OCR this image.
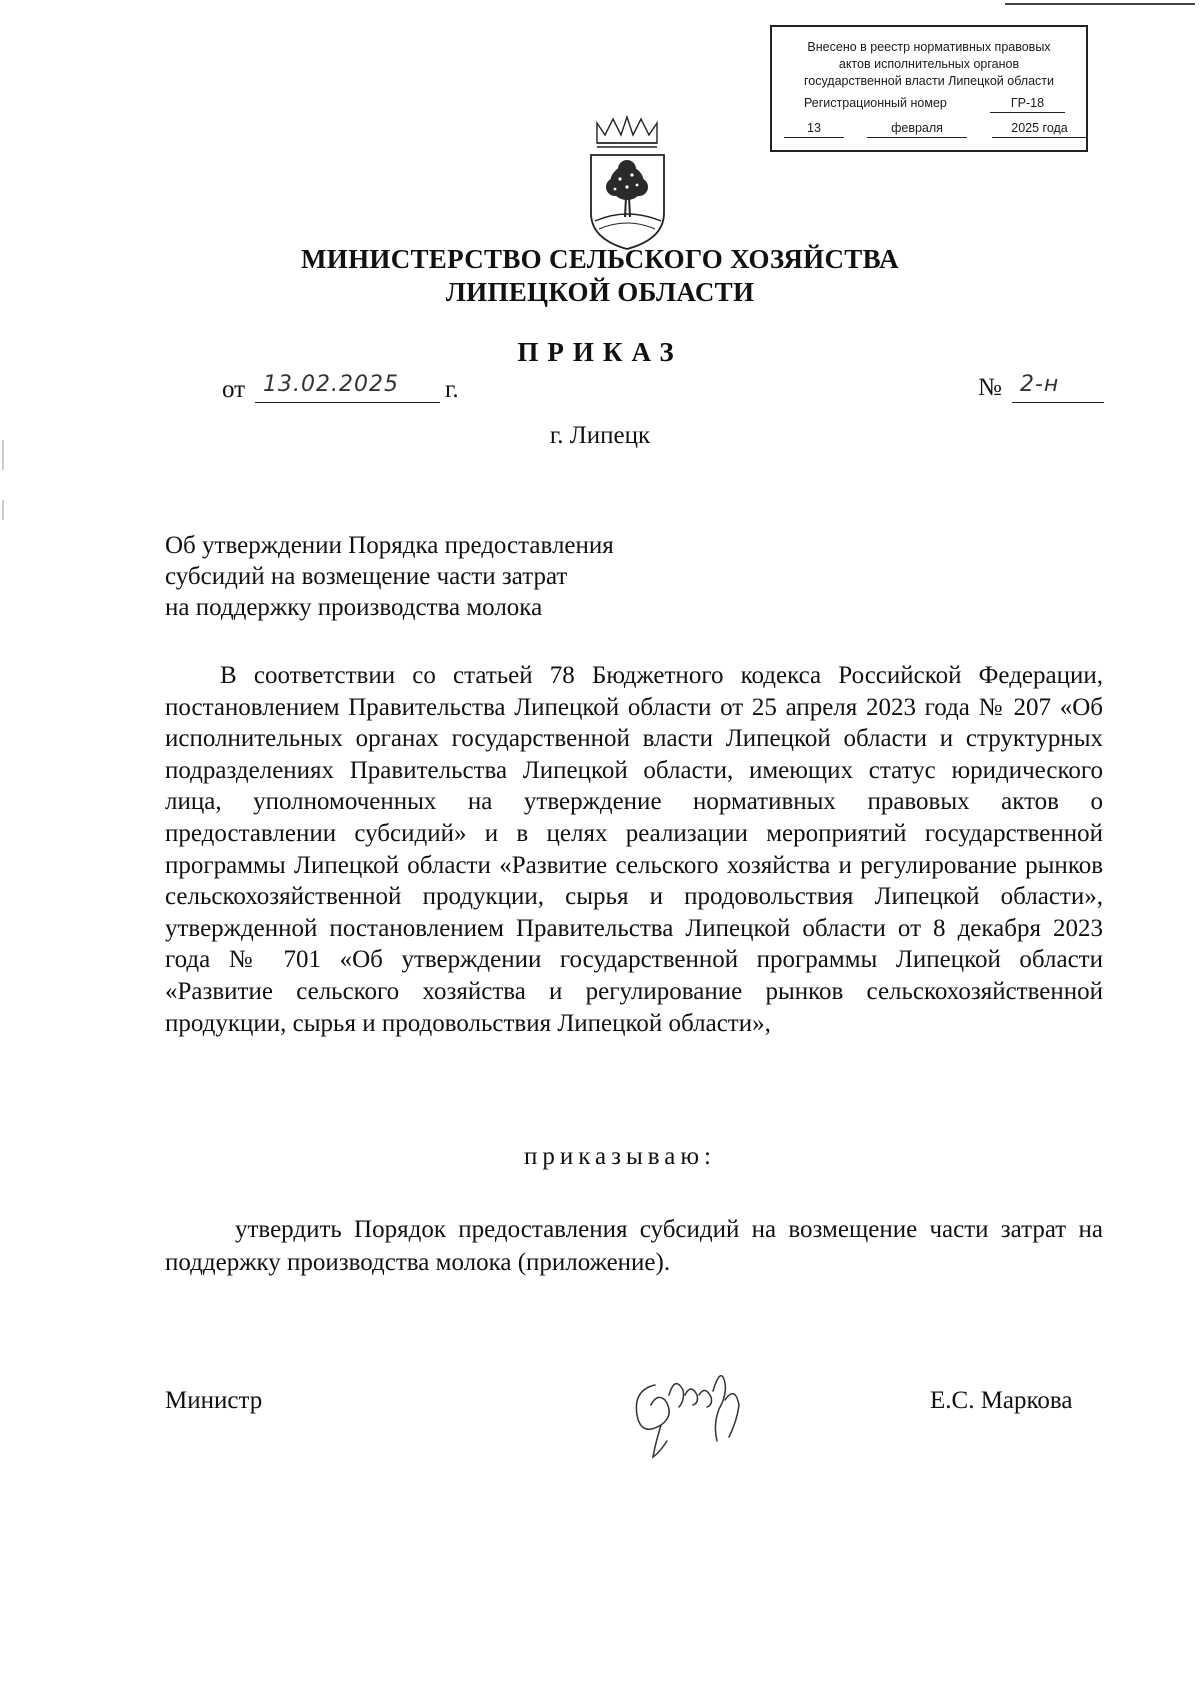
Внесено в реестр нормативных правовых
актов исполнительных органов
государственной власти Липецкой области
Регистрационный номер	ГР-18
13	февраля	2025 года
МИНИСТЕРСТВО СЕЛЬСКОГО ХОЗЯЙСТВА
ЛИПЕЦКОЙ ОБЛАСТИ
ПРИКАЗ
от 13.02.2025 г.	№ 2-н
г. Липецк
Об утверждении Порядка предоставления
субсидий на возмещение части затрат
на поддержку производства молока

В соответствии со статьей 78 Бюджетного кодекса Российской Федерации, постановлением Правительства Липецкой области от 25 апреля 2023 года № 207 «Об исполнительных органах государственной власти Липецкой области и структурных подразделениях Правительства Липецкой области, имеющих статус юридического лица, уполномоченных на утверждение нормативных правовых актов о предоставлении субсидий» и в целях реализации мероприятий государственной программы Липецкой области «Развитие сельского хозяйства и регулирование рынков сельскохозяйственной продукции, сырья и продовольствия Липецкой области», утвержденной постановлением Правительства Липецкой области от 8 декабря 2023 года № 701 «Об утверждении государственной программы Липецкой области «Развитие сельского хозяйства и регулирование рынков сельскохозяйственной продукции, сырья и продовольствия Липецкой области»,

приказываю:

утвердить Порядок предоставления субсидий на возмещение части затрат на поддержку производства молока (приложение).

Министр	Е.С. Маркова
